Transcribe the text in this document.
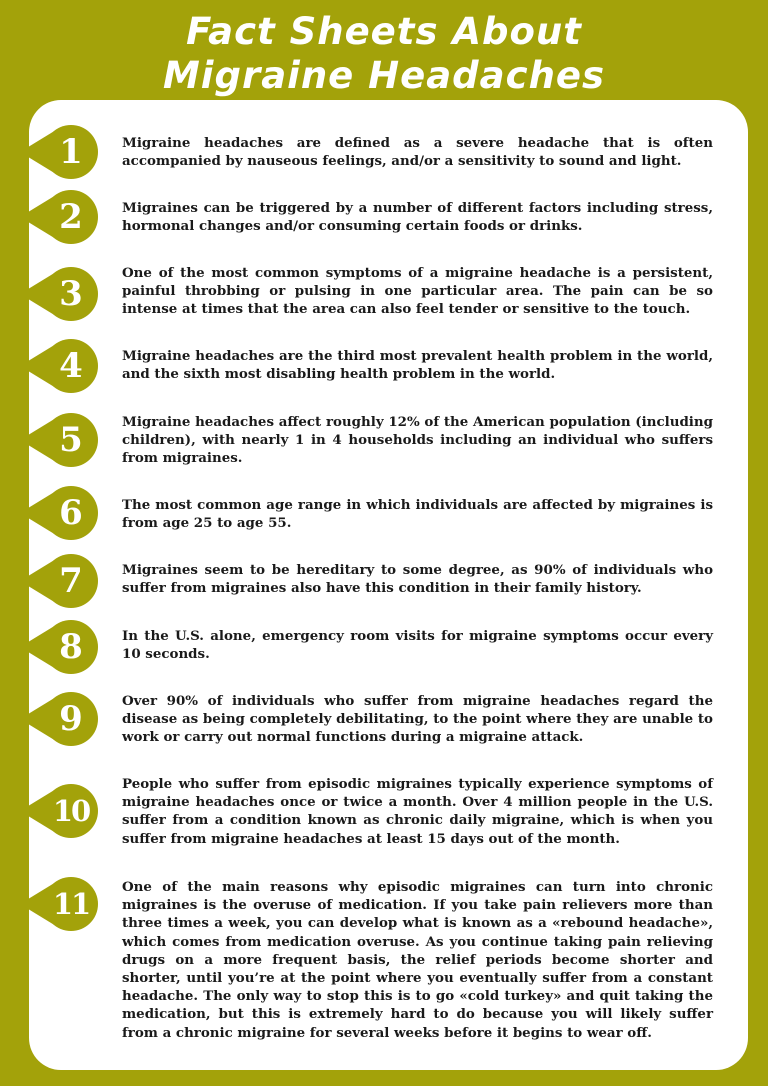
Fact Sheets About
Migraine Headaches
1	Migraine headaches are defined as a severe headache that is often accompanied by nauseous feelings, and/or a sensitivity to sound and light.

2	Migraines can be triggered by a number of different factors including stress, hormonal changes and/or consuming certain foods or drinks.

3

One of the most common symptoms of a migraine headache is a persistent, painful throbbing or pulsing in one particular area. The pain can be so intense at times that the area can also feel tender or sensitive to the touch.

4	Migraine headaches are the third most prevalent health problem in the world, and the sixth most disabling health problem in the world.

5	Migraine headaches affect roughly 12% of the American population (including children), with nearly 1 in 4 households including an individual who suffers from migraines.

6	The most common age range in which individuals are affected by migraines is from age 25 to age 55.

7	Migraines seem to be hereditary to some degree, as 90% of individuals who suffer from migraines also have this condition in their family history.

8	In the U.S. alone, emergency room visits for migraine symptoms occur every 10 seconds.

9	Over 90% of individuals who suffer from migraine headaches regard the disease as being completely debilitating, to the point where they are unable to work or carry out normal functions during a migraine attack.

10

People who suffer from episodic migraines typically experience symptoms of migraine headaches once or twice a month. Over 4 million people in the U.S. suffer from a condition known as chronic daily migraine, which is when you suffer from migraine headaches at least 15 days out of the month.

11	One of the main reasons why episodic migraines can turn into chronic migraines is the overuse of medication. If you take pain relievers more than three times a week, you can develop what is known as a «rebound headache», which comes from medication overuse. As you continue taking pain relieving drugs on a more frequent basis, the relief periods become shorter and shorter, until you’re at the point where you eventually suffer from a constant headache. The only way to stop this is to go «cold turkey» and quit taking the medication, but this is extremely hard to do because you will likely suffer from a chronic migraine for several weeks before it begins to wear off.
